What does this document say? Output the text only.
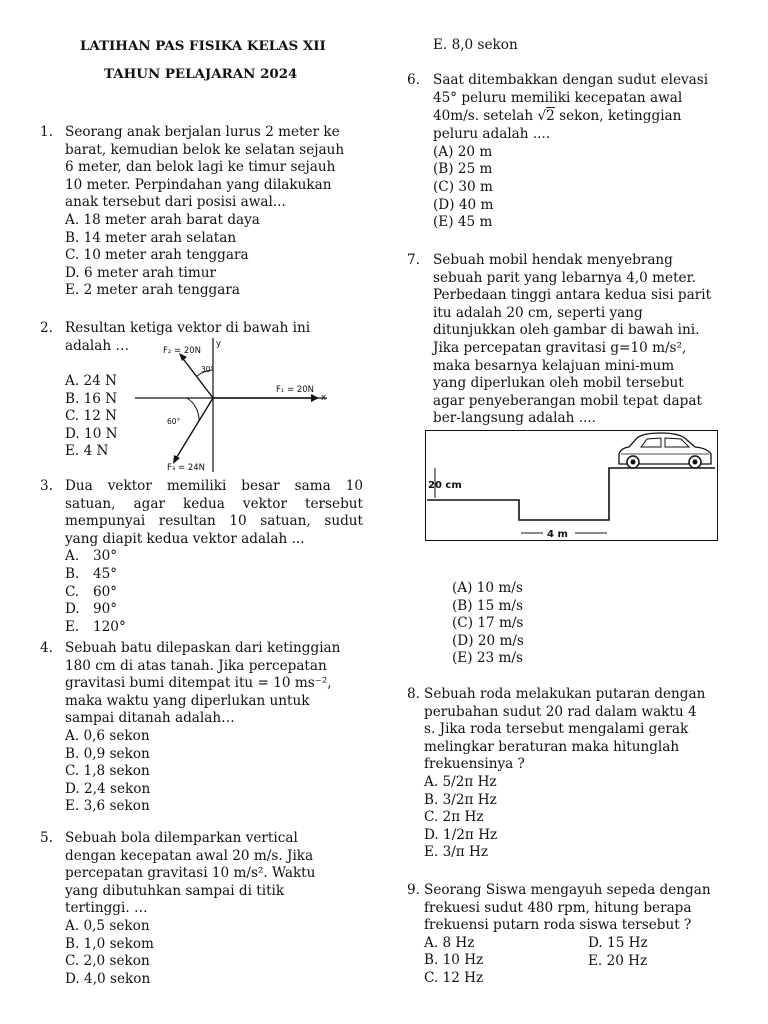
LATIHAN PAS FISIKA KELAS XII
TAHUN PELAJARAN 2024
1. Seorang anak berjalan lurus 2 meter ke
barat, kemudian belok ke selatan sejauh
6 meter, dan belok lagi ke timur sejauh
10 meter. Perpindahan yang dilakukan
anak tersebut dari posisi awal...
A. 18 meter arah barat daya
B. 14 meter arah selatan
C. 10 meter arah tenggara
D. 6 meter arah timur
E. 2 meter arah tenggara
2. Resultan ketiga vektor di bawah ini
adalah …
A. 24 N
B. 16 N
C. 12 N
D. 10 N
E. 4 N
F₂ = 20N
F₁ = 20N
F₃ = 24N
x
y
30°
60°
3. Dua vektor memiliki besar sama 10
satuan, agar kedua vektor tersebut
mempunyai resultan 10 satuan, sudut
yang diapit kedua vektor adalah ...
A. 30°
B. 45°
C. 60°
D. 90°
E. 120°
4. Sebuah batu dilepaskan dari ketinggian
180 cm di atas tanah. Jika percepatan
gravitasi bumi ditempat itu = 10 ms⁻²,
maka waktu yang diperlukan untuk
sampai ditanah adalah…
A. 0,6 sekon
B. 0,9 sekon
C. 1,8 sekon
D. 2,4 sekon
E. 3,6 sekon
5. Sebuah bola dilemparkan vertical
dengan kecepatan awal 20 m/s. Jika
percepatan gravitasi 10 m/s². Waktu
yang dibutuhkan sampai di titik
tertinggi. …
A. 0,5 sekon
B. 1,0 sekom
C. 2,0 sekon
D. 4,0 sekon
E. 8,0 sekon
6. Saat ditembakkan dengan sudut elevasi
45° peluru memiliki kecepatan awal
40m/s. setelah √2 sekon, ketinggian
peluru adalah ....
(A) 20 m
(B) 25 m
(C) 30 m
(D) 40 m
(E) 45 m
7. Sebuah mobil hendak menyebrang
sebuah parit yang lebarnya 4,0 meter.
Perbedaan tinggi antara kedua sisi parit
itu adalah 20 cm, seperti yang
ditunjukkan oleh gambar di bawah ini.
Jika percepatan gravitasi g=10 m/s²,
maka besarnya kelajuan mini-mum
yang diperlukan oleh mobil tersebut
agar penyeberangan mobil tepat dapat
ber-langsung adalah ....
20 cm
4 m
(A) 10 m/s
(B) 15 m/s
(C) 17 m/s
(D) 20 m/s
(E) 23 m/s
8. Sebuah roda melakukan putaran dengan
perubahan sudut 20 rad dalam waktu 4
s. Jika roda tersebut mengalami gerak
melingkar beraturan maka hitunglah
frekuensinya ?
A. 5/2π Hz
B. 3/2π Hz
C. 2π Hz
D. 1/2π Hz
E. 3/π Hz
9. Seorang Siswa mengayuh sepeda dengan
frekuesi sudut 480 rpm, hitung berapa
frekuensi putarn roda siswa tersebut ?
A. 8 Hz
B. 10 Hz
C. 12 Hz
D. 15 Hz
E. 20 Hz
